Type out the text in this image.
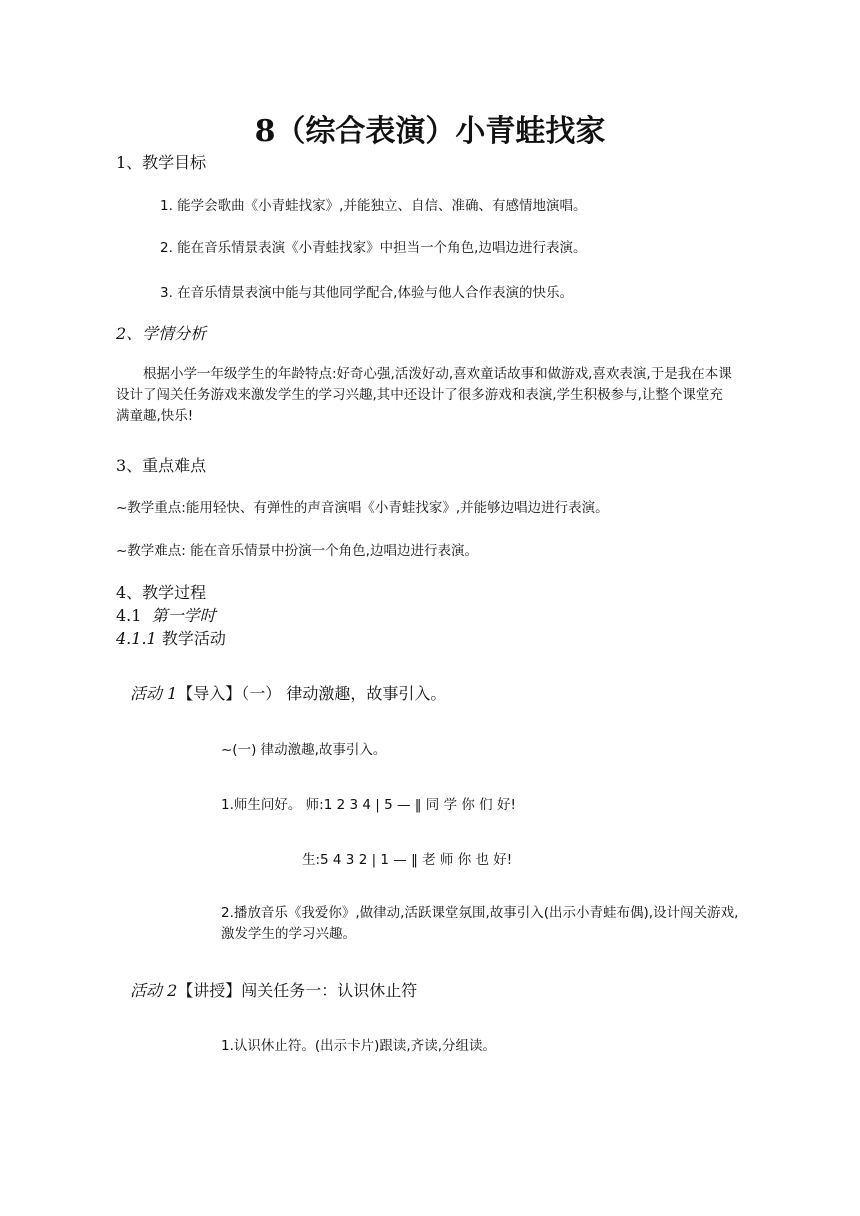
8（综合表演）小青蛙找家
1、教学目标
1. 能学会歌曲《小青蛙找家》,并能独立、自信、准确、有感情地演唱。
2. 能在音乐情景表演《小青蛙找家》中担当一个角色,边唱边进行表演。
3. 在音乐情景表演中能与其他同学配合,体验与他人合作表演的快乐。
2、学情分析

根据小学一年级学生的年龄特点:好奇心强,活泼好动,喜欢童话故事和做游戏,喜欢表演,于是我在本课设计了闯关任务游戏来激发学生的学习兴趣,其中还设计了很多游戏和表演,学生积极参与,让整个课堂充满童趣,快乐!

3、重点难点
~教学重点:能用轻快、有弹性的声音演唱《小青蛙找家》,并能够边唱边进行表演。
~教学难点: 能在音乐情景中扮演一个角色,边唱边进行表演。
4、教学过程
4.1 第一学时
4.1.1 教学活动
活动 1【导入】（一） 律动激趣，故事引入。
~(一) 律动激趣,故事引入。
1.师生问好。 师:1 2 3 4 | 5 — ‖ 同 学 你 们 好!
生:5 4 3 2 | 1 — ‖ 老 师 你 也 好!

2.播放音乐《我爱你》,做律动,活跃课堂氛围,故事引入(出示小青蛙布偶),设计闯关游戏,激发学生的学习兴趣。

活动 2【讲授】闯关任务一：认识休止符
1.认识休止符。(出示卡片)跟读,齐读,分组读。
